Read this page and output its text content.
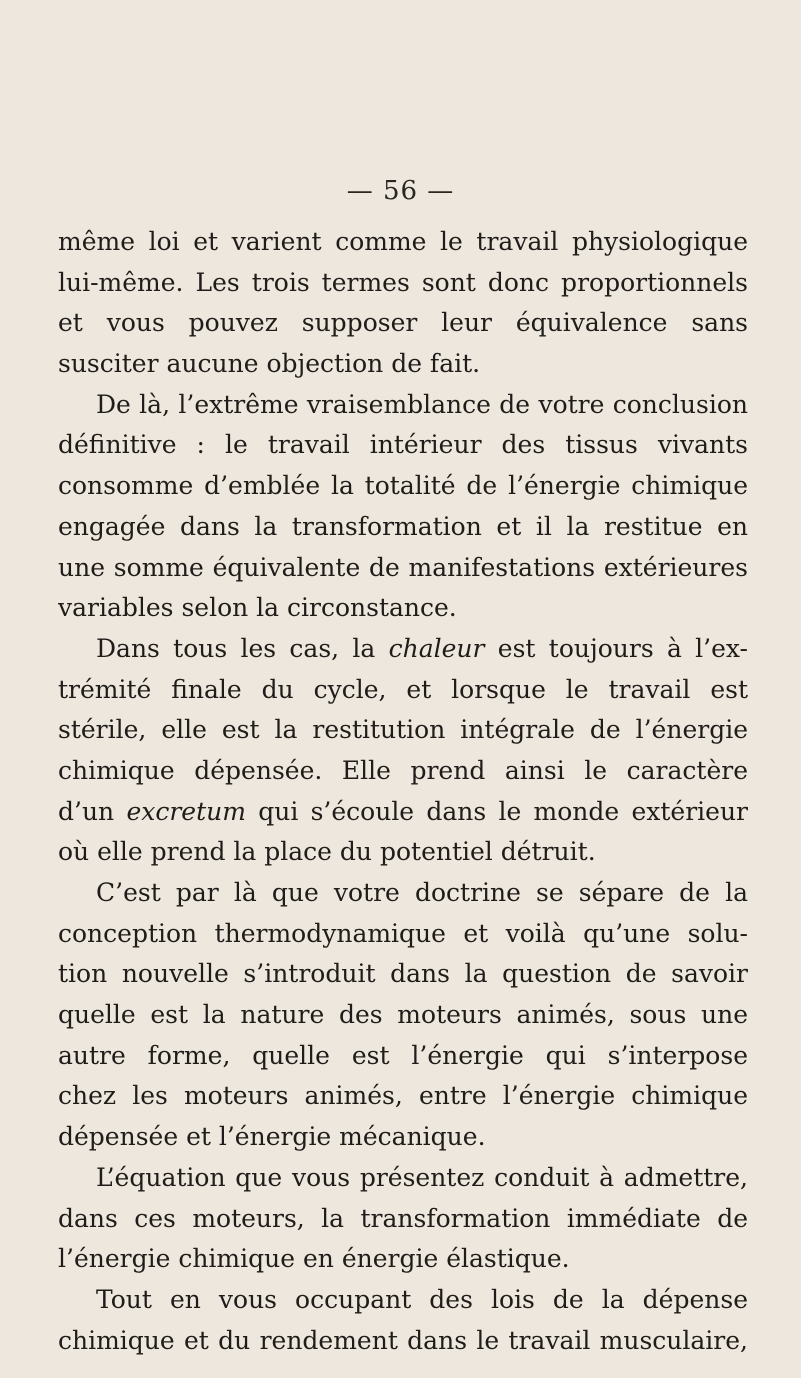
— 56 —
même loi et varient comme le travail physiologique
lui-même. Les trois termes sont donc proportionnels
et vous pouvez supposer leur équivalence sans
susciter aucune objection de fait.
De là, l’extrême vraisemblance de votre conclusion
définitive : le travail intérieur des tissus vivants
consomme d’emblée la totalité de l’énergie chimique
engagée dans la transformation et il la restitue en
une somme équivalente de manifestations extérieures
variables selon la circonstance.
Dans tous les cas, la chaleur est toujours à l’ex-
trémité finale du cycle, et lorsque le travail est
stérile, elle est la restitution intégrale de l’énergie
chimique dépensée. Elle prend ainsi le caractère
d’un excretum qui s’écoule dans le monde extérieur
où elle prend la place du potentiel détruit.
C’est par là que votre doctrine se sépare de la
conception thermodynamique et voilà qu’une solu-
tion nouvelle s’introduit dans la question de savoir
quelle est la nature des moteurs animés, sous une
autre forme, quelle est l’énergie qui s’interpose
chez les moteurs animés, entre l’énergie chimique
dépensée et l’énergie mécanique.
L’équation que vous présentez conduit à admettre,
dans ces moteurs, la transformation immédiate de
l’énergie chimique en énergie élastique.
Tout en vous occupant des lois de la dépense
chimique et du rendement dans le travail musculaire,
